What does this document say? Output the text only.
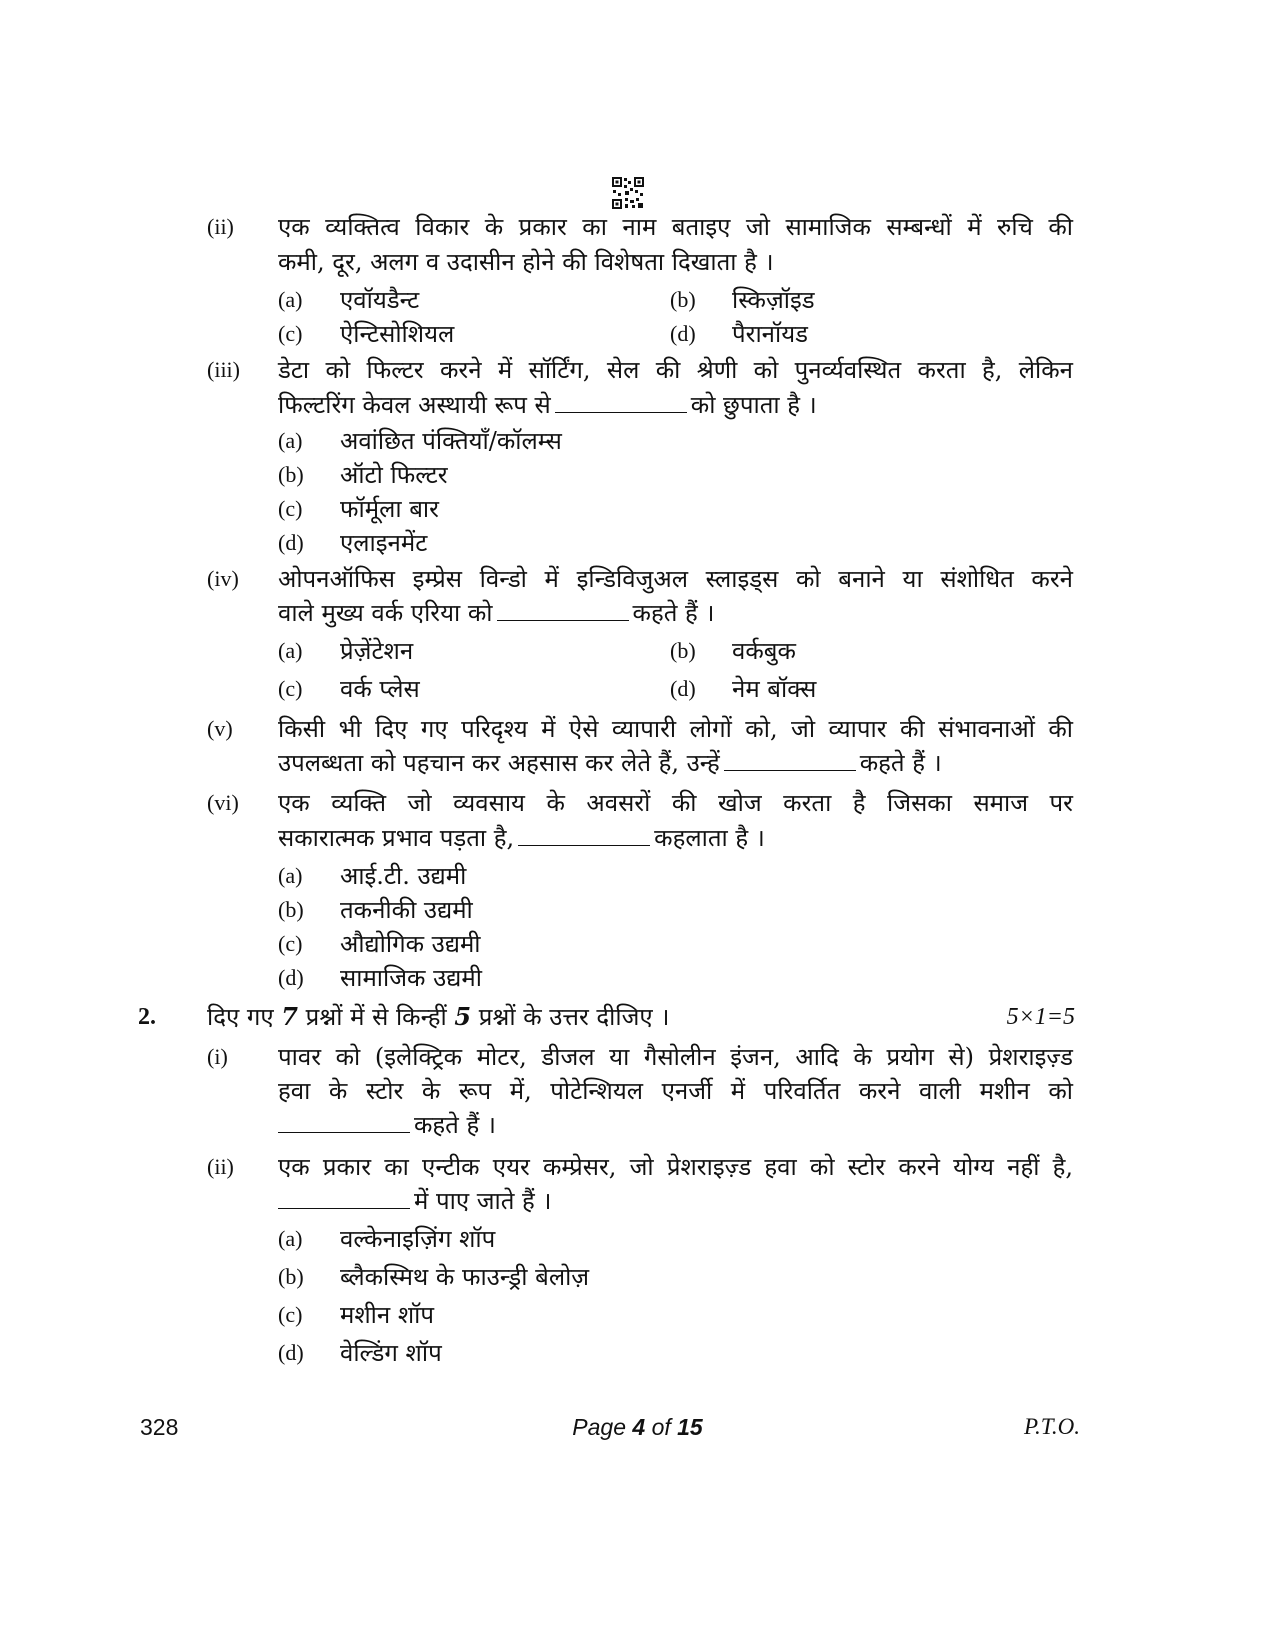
(ii) एक व्यक्तित्व विकार के प्रकार का नाम बताइए जो सामाजिक सम्बन्धों में रुचि की
कमी, दूर, अलग व उदासीन होने की विशेषता दिखाता है ।
(a) एवॉयडैन्ट	(b) स्किज़ॉइड
(c) ऐन्टिसोशियल	(d) पैरानॉयड
(iii) डेटा को फिल्टर करने में सॉर्टिंग, सेल की श्रेणी को पुनर्व्यवस्थित करता है, लेकिन
फिल्टरिंग केवल अस्थायी रूप से	को छुपाता है ।
(a) अवांछित पंक्तियाँ/कॉलम्स
(b) ऑटो फिल्टर
(c) फॉर्मूला बार
(d) एलाइनमेंट
(iv) ओपनऑफिस इम्प्रेस विन्डो में इन्डिविजुअल स्लाइड्स को बनाने या संशोधित करने
वाले मुख्य वर्क एरिया को	कहते हैं ।
(a) प्रेज़ेंटेशन	(b) वर्कबुक
(c) वर्क प्लेस	(d) नेम बॉक्स
(v) किसी भी दिए गए परिदृश्य में ऐसे व्यापारी लोगों को, जो व्यापार की संभावनाओं की
उपलब्धता को पहचान कर अहसास कर लेते हैं, उन्हें	कहते हैं ।
(vi) एक व्यक्ति जो व्यवसाय के अवसरों की खोज करता है जिसका समाज पर
सकारात्मक प्रभाव पड़ता है,	कहलाता है ।
(a) आई.टी. उद्यमी
(b) तकनीकी उद्यमी
(c) औद्योगिक उद्यमी
(d) सामाजिक उद्यमी
2. दिए गए 7 प्रश्नों में से किन्हीं 5 प्रश्नों के उत्तर दीजिए ।	5×1=5
(i) पावर को (इलेक्ट्रिक मोटर, डीजल या गैसोलीन इंजन, आदि के प्रयोग से) प्रेशराइज़्ड
हवा के स्टोर के रूप में, पोटेन्शियल एनर्जी में परिवर्तित करने वाली मशीन को
कहते हैं ।
(ii) एक प्रकार का एन्टीक एयर कम्प्रेसर, जो प्रेशराइज़्ड हवा को स्टोर करने योग्य नहीं है,
में पाए जाते हैं ।
(a) वल्केनाइज़िंग शॉप
(b) ब्लैकस्मिथ के फाउन्ड्री बेलोज़
(c) मशीन शॉप
(d) वेल्डिंग शॉप
328	Page 4 of 15	P.T.O.
